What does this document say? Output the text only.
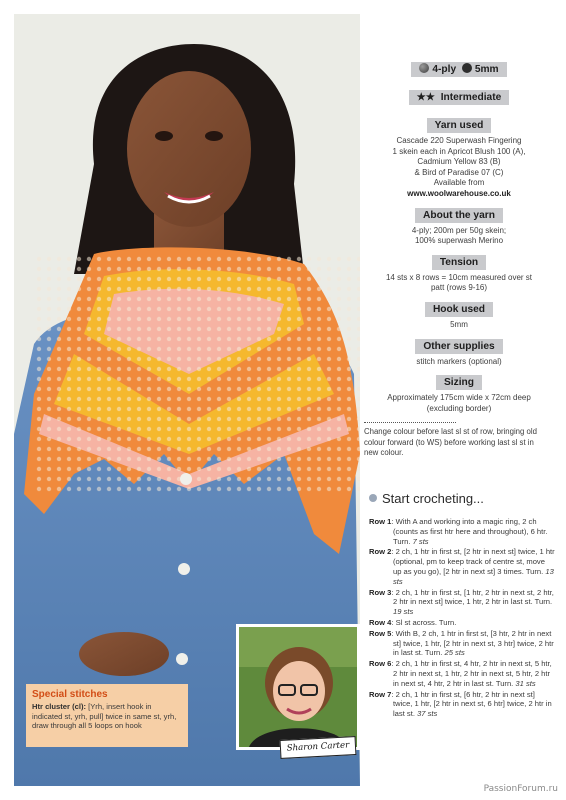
Special stitches
Htr cluster (cl): [Yrh, insert hook in indicated st, yrh, pull] twice in same st, yrh, draw through all 5 loops on hook
Sharon Carter
4-ply 5mm
★★ Intermediate
Yarn used
Cascade 220 Superwash Fingering
1 skein each in Apricot Blush 100 (A),
Cadmium Yellow 83 (B)
& Bird of Paradise 07 (C)
Available from
www.woolwarehouse.co.uk
About the yarn
4-ply; 200m per 50g skein;
100% superwash Merino
Tension
14 sts x 8 rows = 10cm measured over st
patt (rows 9-16)
Hook used
5mm
Other supplies
stitch markers (optional)
Sizing
Approximately 175cm wide x 72cm deep
(excluding border)
Change colour before last sl st of row, bringing old colour forward (to WS) before working last sl st in new colour.
Start crocheting...
Row 1: With A and working into a magic ring, 2 ch (counts as first htr here and throughout), 6 htr. Turn. 7 sts
Row 2: 2 ch, 1 htr in first st, [2 htr in next st] twice, 1 htr (optional, pm to keep track of centre st, move up as you go), [2 htr in next st] 3 times. Turn. 13 sts
Row 3: 2 ch, 1 htr in first st, [1 htr, 2 htr in next st, 2 htr, 2 htr in next st] twice, 1 htr, 2 htr in last st. Turn. 19 sts
Row 4: Sl st across. Turn.
Row 5: With B, 2 ch, 1 htr in first st, [3 htr, 2 htr in next st] twice, 1 htr, [2 htr in next st, 3 htr] twice, 2 htr in last st. Turn. 25 sts
Row 6: 2 ch, 1 htr in first st, 4 htr, 2 htr in next st, 5 htr, 2 htr in next st, 1 htr, 2 htr in next st, 5 htr, 2 htr in next st, 4 htr, 2 htr in last st. Turn. 31 sts
Row 7: 2 ch, 1 htr in first st, [6 htr, 2 htr in next st] twice, 1 htr, [2 htr in next st, 6 htr] twice, 2 htr in last st. 37 sts
PassionForum.ru
